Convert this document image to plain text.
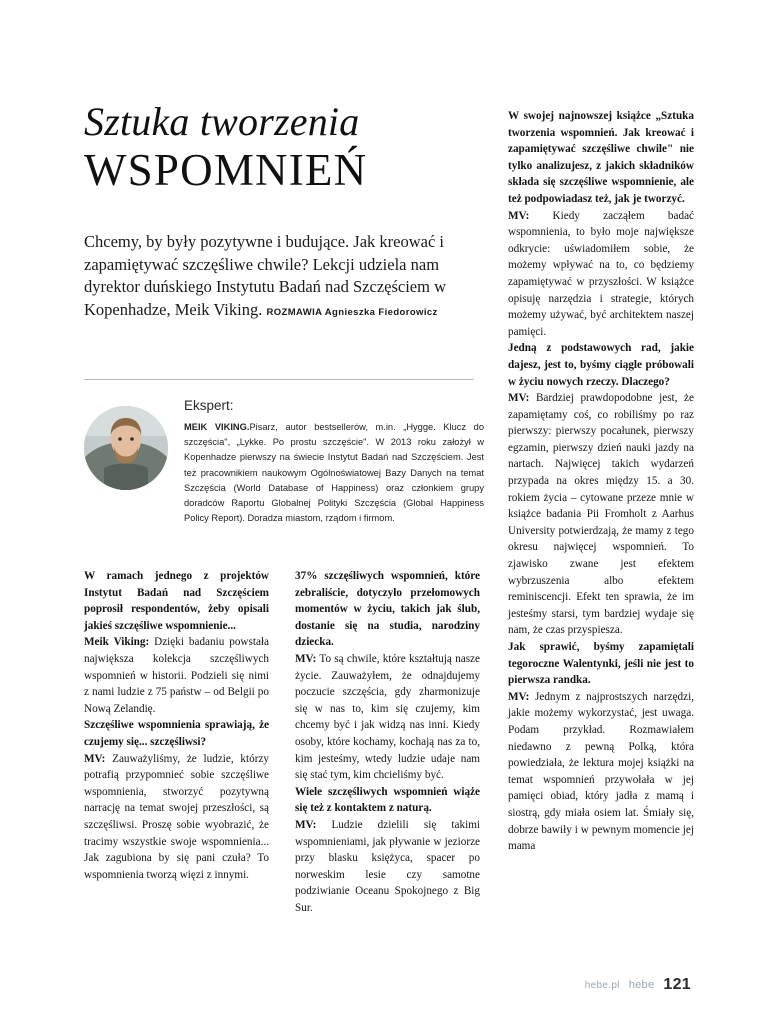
Sztuka tworzenia
WSPOMNIEŃ
Chcemy, by były pozytywne i budujące. Jak kreować i zapamiętywać szczęśliwe chwile? Lekcji udziela nam dyrektor duńskiego Instytutu Badań nad Szczęściem w Kopenhadze, Meik Viking. ROZMAWIA Agnieszka Fiedorowicz
Ekspert:
MEIK VIKING.Pisarz, autor bestsellerów, m.in. „Hygge. Klucz do szczęścia", „Lykke. Po prostu szczęście". W 2013 roku założył w Kopenhadze pierwszy na świecie Instytut Badań nad Szczęściem. Jest też pracownikiem naukowym Ogólnoświatowej Bazy Danych na temat Szczęścia (World Database of Happiness) oraz członkiem grupy doradców Raportu Globalnej Polityki Szczęścia (Global Happiness Policy Report). Doradza miastom, rządom i firmom.

W ramach jednego z projektów Instytut Badań nad Szczęściem poprosił respondentów, żeby opisali jakieś szczęśliwe wspomnienie...

Meik Viking: Dzięki badaniu powstała największa kolekcja szczęśliwych wspomnień w historii. Podzieli się nimi z nami ludzie z 75 państw – od Belgii po Nową Zelandię.

Szczęśliwe wspomnienia sprawiają, że czujemy się... szczęśliwsi?

MV: Zauważyliśmy, że ludzie, którzy potrafią przypomnieć sobie szczęśliwe wspomnienia, stworzyć pozytywną narrację na temat swojej przeszłości, są szczęśliwsi. Proszę sobie wyobrazić, że tracimy wszystkie swoje wspomnienia... Jak zagubiona by się pani czuła? To wspomnienia tworzą więzi z innymi.

37% szczęśliwych wspomnień, które zebraliście, dotyczyło przełomowych momentów w życiu, takich jak ślub, dostanie się na studia, narodziny dziecka.

MV: To są chwile, które kształtują nasze życie. Zauważyłem, że odnajdujemy poczucie szczęścia, gdy zharmonizuje się w nas to, kim się czujemy, kim chcemy być i jak widzą nas inni. Kiedy osoby, które kochamy, kochają nas za to, kim jesteśmy, wtedy ludzie udaje nam się stać tym, kim chcieliśmy być.

Wiele szczęśliwych wspomnień wiąże się też z kontaktem z naturą.

MV: Ludzie dzielili się takimi wspomnieniami, jak pływanie w jeziorze przy blasku księżyca, spacer po norweskim lesie czy samotne podziwianie Oceanu Spokojnego z Big Sur.

W swojej najnowszej książce „Sztuka tworzenia wspomnień. Jak kreować i zapamiętywać szczęśliwe chwile" nie tylko analizujesz, z jakich składników składa się szczęśliwe wspomnienie, ale też podpowiadasz też, jak je tworzyć.

MV: Kiedy zacząłem badać wspomnienia, to było moje największe odkrycie: uświadomiłem sobie, że możemy wpływać na to, co będziemy zapamiętywać w przyszłości. W książce opisuję narzędzia i strategie, których możemy używać, być architektem naszej pamięci.

Jedną z podstawowych rad, jakie dajesz, jest to, byśmy ciągle próbowali w życiu nowych rzeczy. Dlaczego?

MV: Bardziej prawdopodobne jest, że zapamiętamy coś, co robiliśmy po raz pierwszy: pierwszy pocałunek, pierwszy egzamin, pierwszy dzień nauki jazdy na nartach. Najwięcej takich wydarzeń przypada na okres między 15. a 30. rokiem życia – cytowane przeze mnie w książce badania Pii Fromholt z Aarhus University potwierdzają, że mamy z tego okresu najwięcej wspomnień. To zjawisko zwane jest efektem wybrzuszenia albo efektem reminiscencji. Efekt ten sprawia, że im jesteśmy starsi, tym bardziej wydaje się nam, że czas przyspiesza.

Jak sprawić, byśmy zapamiętali tegoroczne Walentynki, jeśli nie jest to pierwsza randka.

MV: Jednym z najprostszych narzędzi, jakie możemy wykorzystać, jest uwaga. Podam przykład. Rozmawiałem niedawno z pewną Polką, która powiedziała, że lektura mojej książki na temat wspomnień przywołała w jej pamięci obiad, który jadła z mamą i siostrą, gdy miała osiem lat. Śmiały się, dobrze bawiły i w pewnym momencie jej mama

hebe.pl hebe 121
